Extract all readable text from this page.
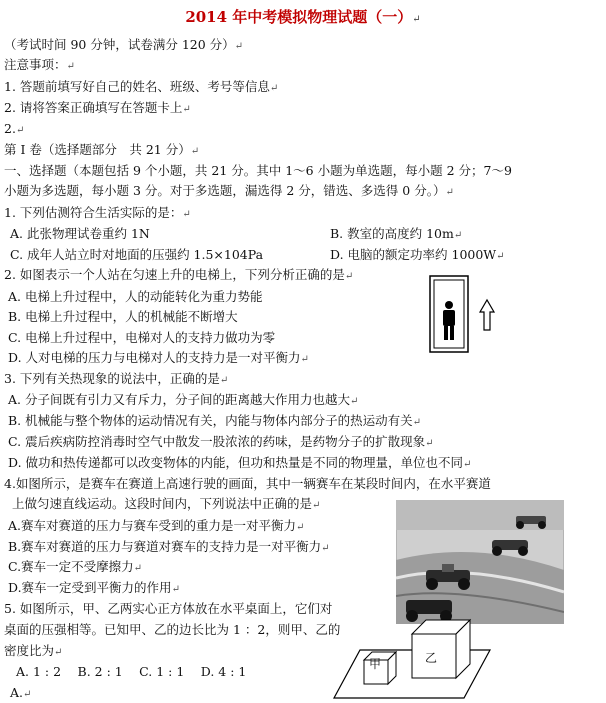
2014 年中考模拟物理试题（一）↵
（考试时间 90 分钟，试卷满分 120 分）↵
注意事项：↵
1. 答题前填写好自己的姓名、班级、考号等信息↵
2. 请将答案正确填写在答题卡上↵
2.↵
第 I 卷（选择题部分　共 21 分）↵
一、选择题（本题包括 9 个小题，共 21 分。其中 1～6 小题为单选题，每小题 2 分；7～9
小题为多选题，每小题 3 分。对于多选题，漏选得 2 分，错选、多选得 0 分。）↵
1. 下列估测符合生活实际的是：↵
A. 此张物理试卷重约 1N	B. 教室的高度约 10m↵
C. 成年人站立时对地面的压强约 1.5×104Pa	D. 电脑的额定功率约 1000W↵
2. 如图表示一个人站在匀速上升的电梯上，下列分析正确的是↵
A. 电梯上升过程中，人的动能转化为重力势能
B. 电梯上升过程中，人的机械能不断增大
C. 电梯上升过程中，电梯对人的支持力做功为零
D. 人对电梯的压力与电梯对人的支持力是一对平衡力↵
3. 下列有关热现象的说法中，正确的是↵
A. 分子间既有引力又有斥力，分子间的距离越大作用力也越大↵
B. 机械能与整个物体的运动情况有关，内能与物体内部分子的热运动有关↵
C. 震后疾病防控消毒时空气中散发一股浓浓的药味，是药物分子的扩散现象↵
D. 做功和热传递都可以改变物体的内能，但功和热量是不同的物理量，单位也不同↵
4.如图所示，是赛车在赛道上高速行驶的画面，其中一辆赛车在某段时间内，在水平赛道
上做匀速直线运动。这段时间内，下列说法中正确的是↵
A.赛车对赛道的压力与赛车受到的重力是一对平衡力↵
B.赛车对赛道的压力与赛道对赛车的支持力是一对平衡力↵
C.赛车一定不受摩擦力↵
D.赛车一定受到平衡力的作用↵
5. 如图所示，甲、乙两实心正方体放在水平桌面上，它们对
桌面的压强相等。已知甲、乙的边长比为 1 ：2，则甲、乙的
密度比为↵
A. 1 : 2　 B. 2 : 1　 C. 1 : 1　 D. 4 : 1
A.↵
甲	乙
